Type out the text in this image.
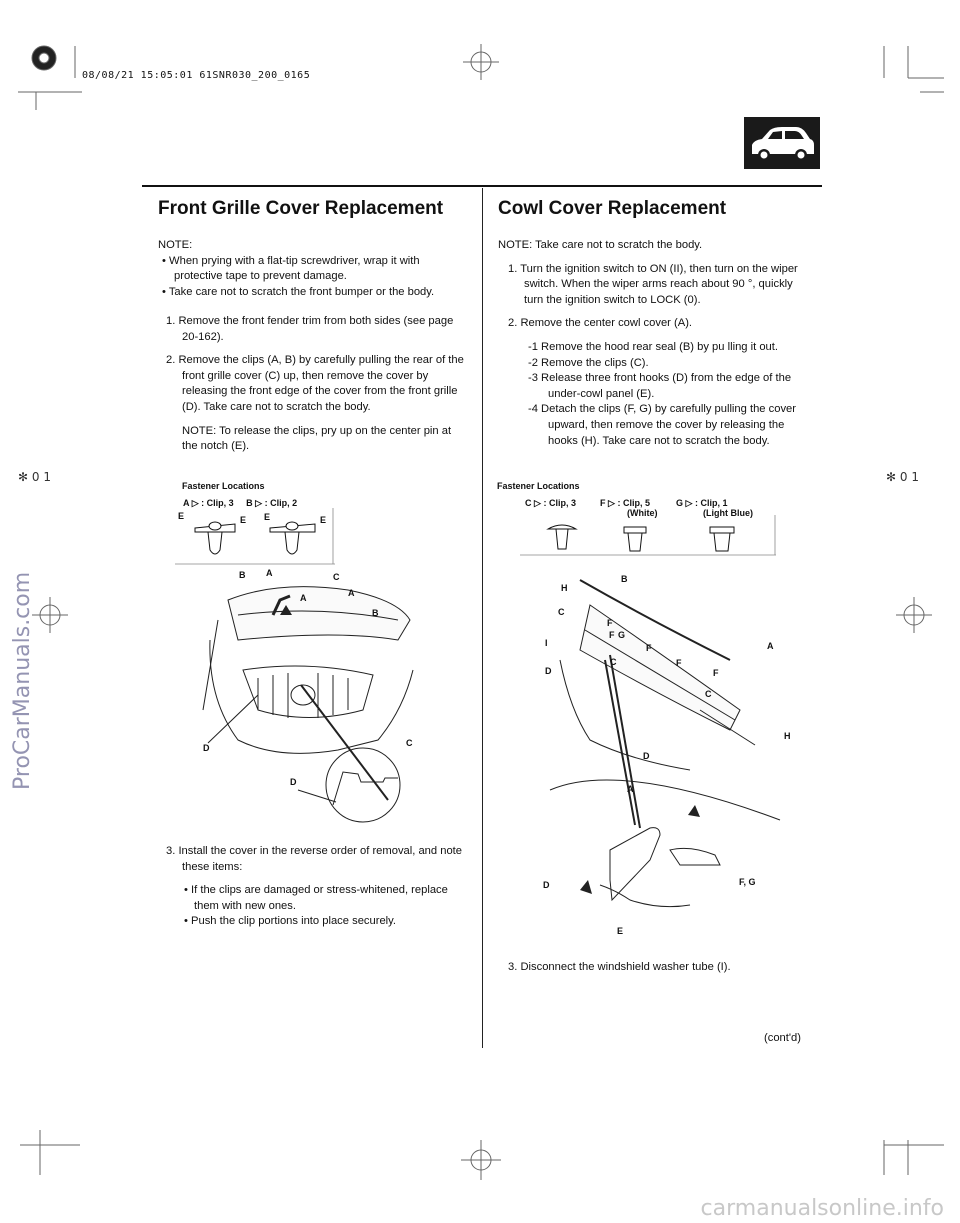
08/08/21 15:05:01 61SNR030_200_0165
Front Grille Cover Replacement

NOTE:

• When prying with a flat-tip screwdriver, wrap it with protective tape to prevent damage.

• Take care not to scratch the front bumper or the body.

1. Remove the front fender trim from both sides (see page 20-162).

2. Remove the clips (A, B) by carefully pulling the rear of the front grille cover (C) up, then remove the cover by releasing the front edge of the cover from the front grille (D). Take care not to scratch the body.

NOTE: To release the clips, pry up on the center pin at the notch (E).

Fastener Locations
A ▷ : Clip, 3 B ▷ : Clip, 2
E	E E	E
B A
A
C
A
B
D
D
C

3. Install the cover in the reverse order of removal, and note these items:

• If the clips are damaged or stress-whitened, replace them with new ones.

• Push the clip portions into place securely.

Cowl Cover Replacement

NOTE: Take care not to scratch the body.

1. Turn the ignition switch to ON (II), then turn on the wiper switch. When the wiper arms reach about 90 °, quickly turn the ignition switch to LOCK (0).

2. Remove the center cowl cover (A).

-1 Remove the hood rear seal (B) by pu lling it out.

-2 Remove the clips (C).

-3 Release three front hooks (D) from the edge of the under-cowl panel (E).

-4 Detach the clips (F, G) by carefully pulling the cover upward, then remove the cover by releasing the hooks (H). Take care not to scratch the body.

Fastener Locations
C ▷ : Clip, 3	F ▷ : Clip, 5
(White)
G ▷ : Clip, 1
(Light Blue)
B
H
C
F
F G
I
D
C
F
F
F
A
C
H
D
A
D	F, G
E
3. Disconnect the windshield washer tube (I).
(cont'd)
✻ 0 1	✻ 0 1
ProCarManuals.com
carmanualsonline.info
